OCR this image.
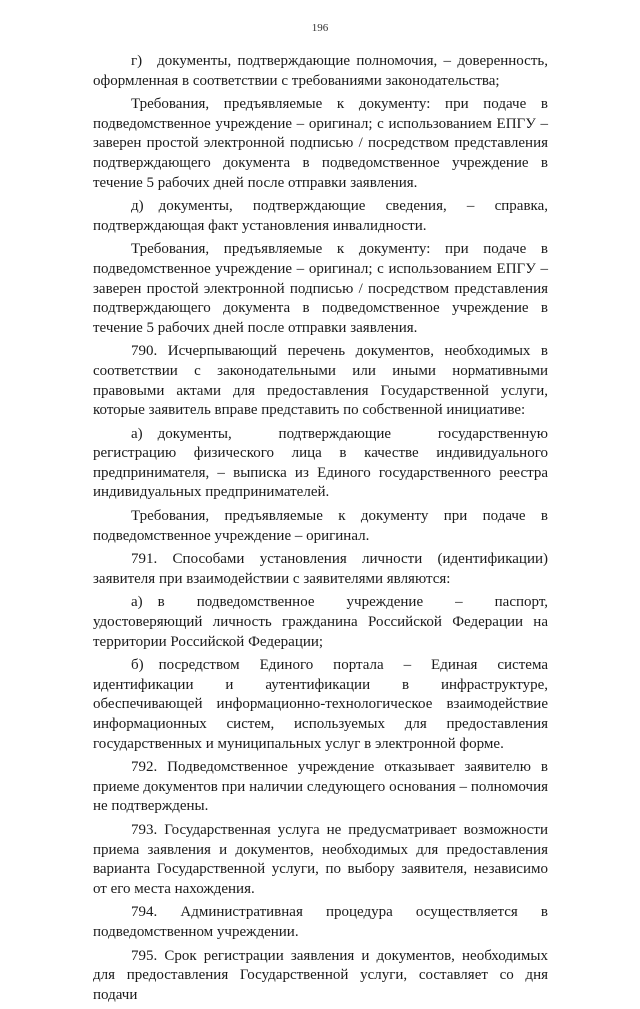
196

г) документы, подтверждающие полномочия, – доверенность, оформленная в соответствии с требованиями законодательства;

Требования, предъявляемые к документу: при подаче в подведомственное учреждение – оригинал; с использованием ЕПГУ – заверен простой электронной подписью / посредством представления подтверждающего документа в подведомственное учреждение в течение 5 рабочих дней после отправки заявления.

д) документы, подтверждающие сведения, – справка, подтверждающая факт установления инвалидности.

Требования, предъявляемые к документу: при подаче в подведомственное учреждение – оригинал; с использованием ЕПГУ – заверен простой электронной подписью / посредством представления подтверждающего документа в подведомственное учреждение в течение 5 рабочих дней после отправки заявления.

790. Исчерпывающий перечень документов, необходимых в соответствии с законодательными или иными нормативными правовыми актами для предоставления Государственной услуги, которые заявитель вправе представить по собственной инициативе:

а) документы, подтверждающие государственную регистрацию физического лица в качестве индивидуального предпринимателя, – выписка из Единого государственного реестра индивидуальных предпринимателей.

Требования, предъявляемые к документу при подаче в подведомственное учреждение – оригинал.

791. Способами установления личности (идентификации) заявителя при взаимодействии с заявителями являются:

а) в подведомственное учреждение – паспорт, удостоверяющий личность гражданина Российской Федерации на территории Российской Федерации;

б) посредством Единого портала – Единая система идентификации и аутентификации в инфраструктуре, обеспечивающей информационно-технологическое взаимодействие информационных систем, используемых для предоставления государственных и муниципальных услуг в электронной форме.

792. Подведомственное учреждение отказывает заявителю в приеме документов при наличии следующего основания – полномочия не подтверждены.

793. Государственная услуга не предусматривает возможности приема заявления и документов, необходимых для предоставления варианта Государственной услуги, по выбору заявителя, независимо от его места нахождения.

794. Административная процедура осуществляется в подведомственном учреждении.

795. Срок регистрации заявления и документов, необходимых для предоставления Государственной услуги, составляет со дня подачи
